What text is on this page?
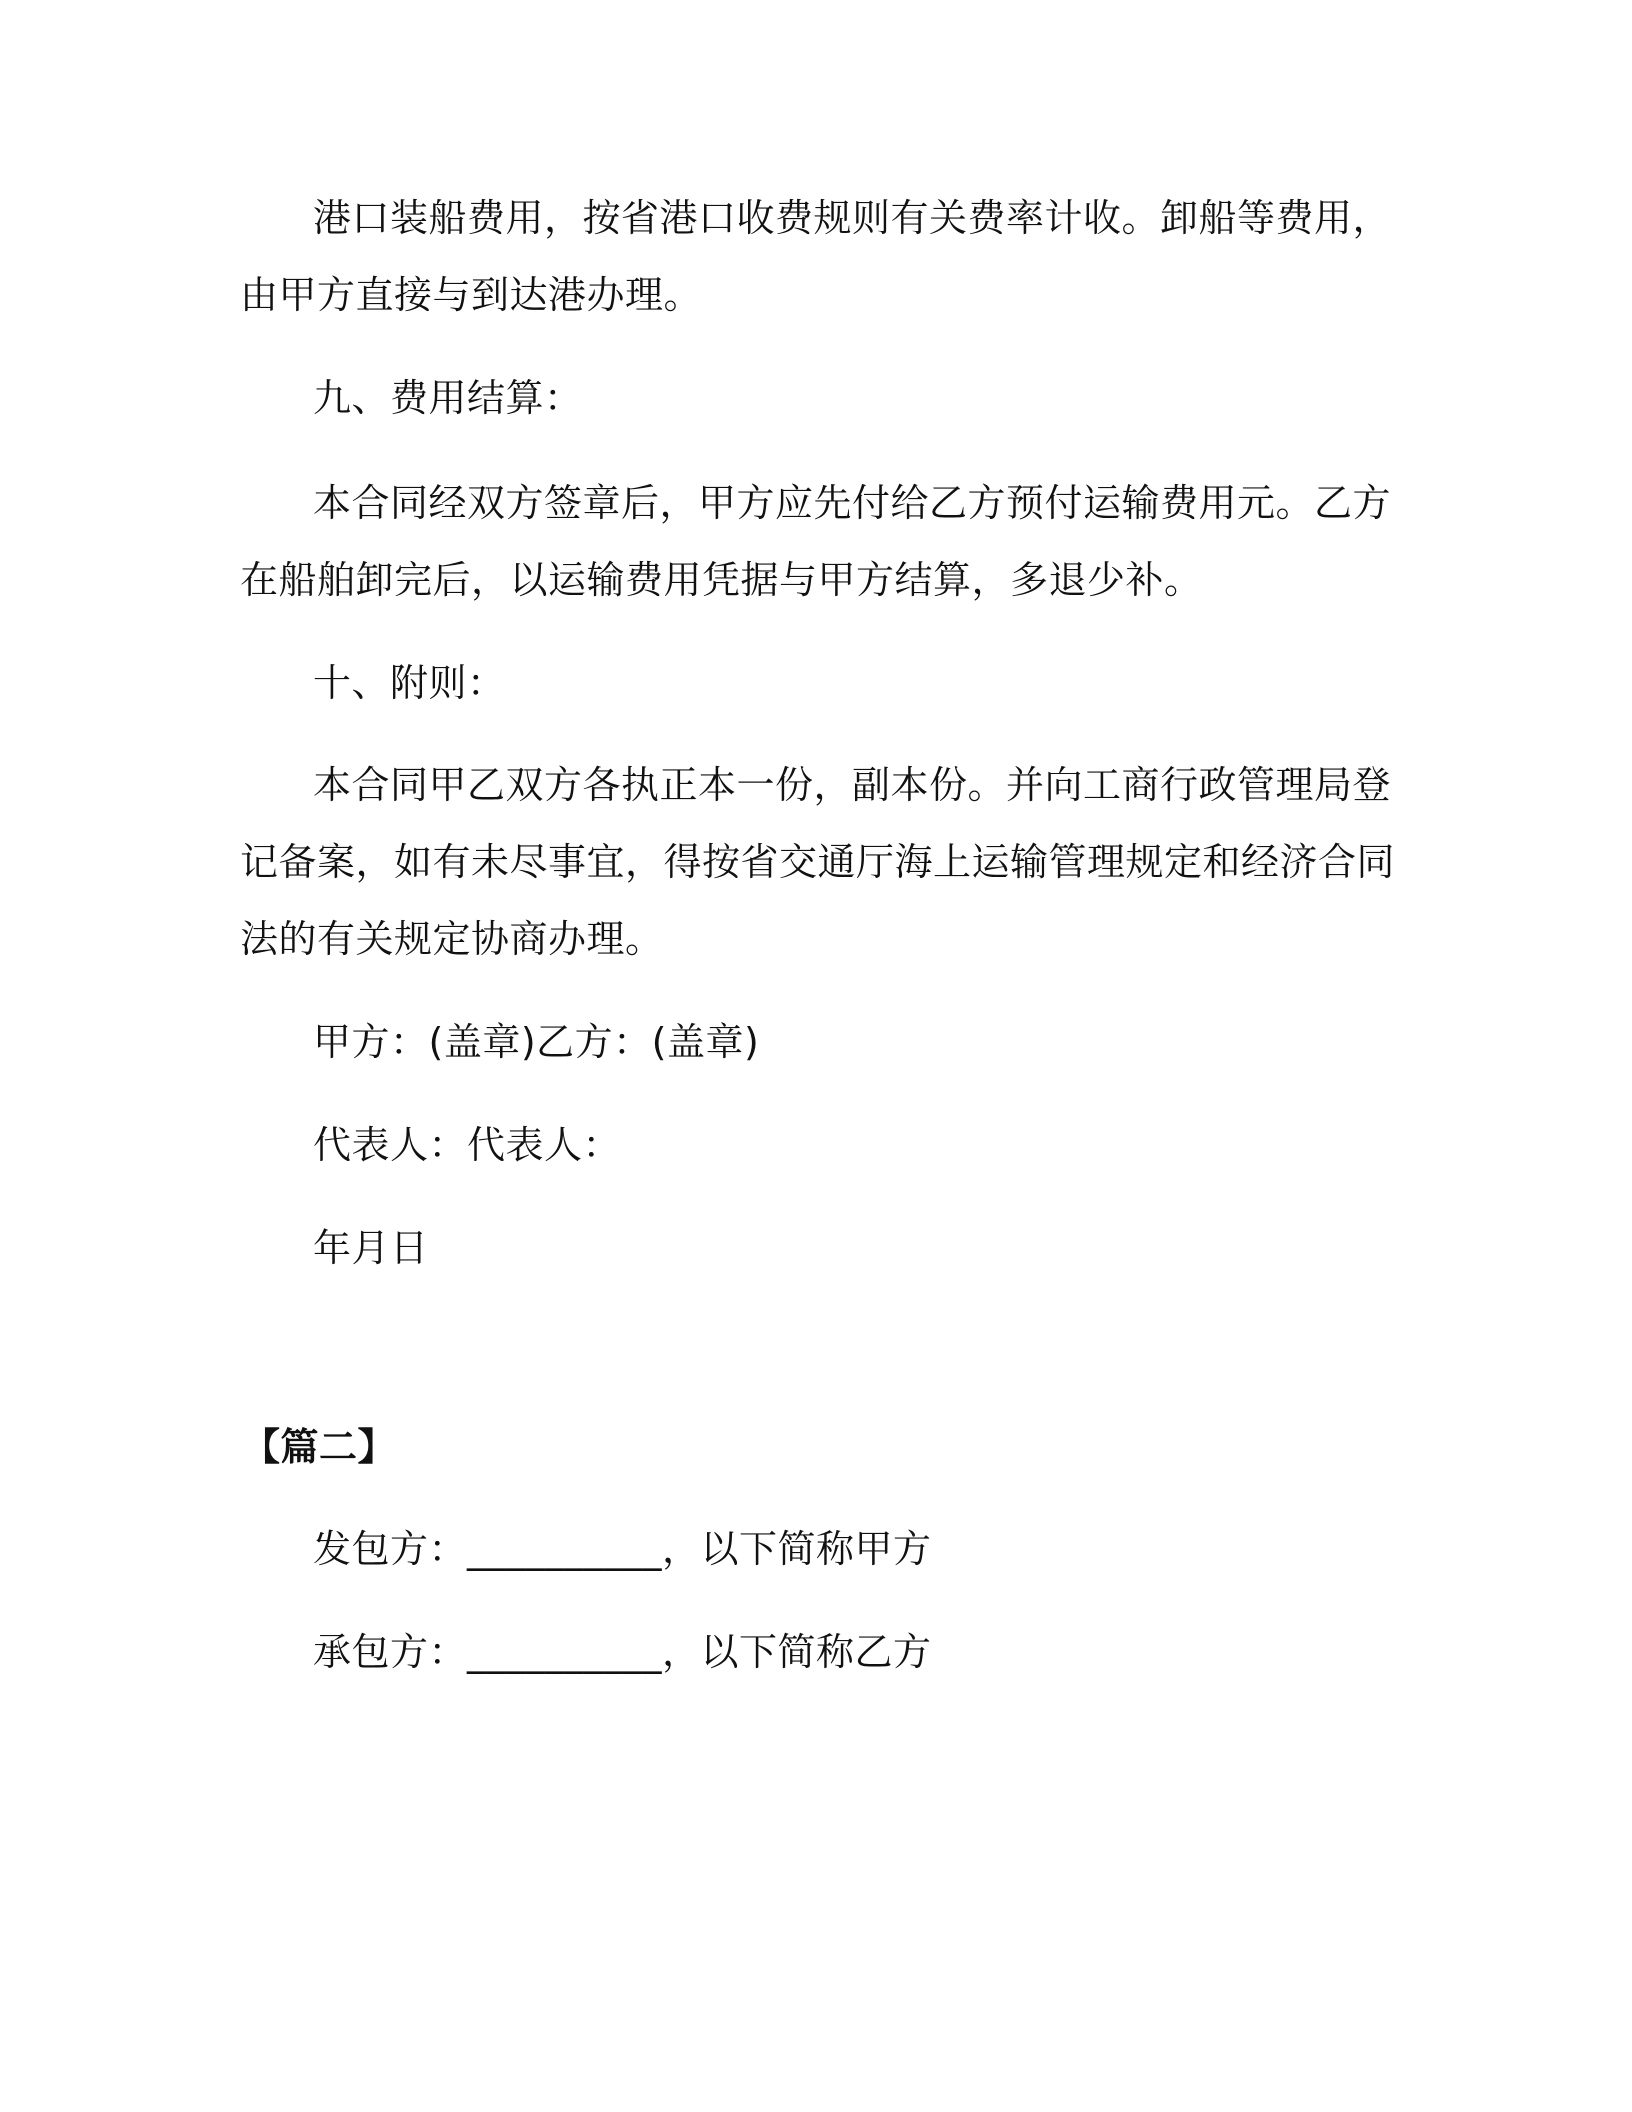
港口装船费用，按省港口收费规则有关费率计收。卸船等费用，
由甲方直接与到达港办理。
九、费用结算：
本合同经双方签章后，甲方应先付给乙方预付运输费用元。乙方
在船舶卸完后，以运输费用凭据与甲方结算，多退少补。
十、附则：
本合同甲乙双方各执正本一份，副本份。并向工商行政管理局登
记备案，如有未尽事宜，得按省交通厅海上运输管理规定和经济合同
法的有关规定协商办理。
甲方：(盖章)乙方：(盖章)
代表人：代表人：
年月日
【篇二】
发包方：__________，以下简称甲方
承包方：__________，以下简称乙方
